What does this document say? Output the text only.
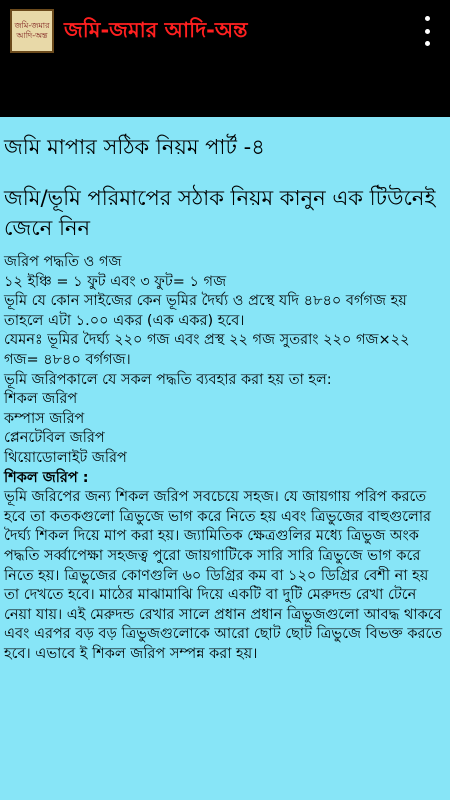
জমি-জমার
আদি-অন্ত জমি-জমার আদি-অন্ত
জমি মাপার সঠিক নিয়ম পার্ট -৪
জমি/ভূমি পরিমাপের সঠাক নিয়ম কানুন এক টিউনেই জেনে নিন

জরিপ পদ্ধতি ও গজ

১২ ইঞ্চি = ১ ফুট এবং ৩ ফুট= ১ গজ

ভূমি যে কোন সাইজের কেন ভূমির দৈর্ঘ্য ও প্রস্থে যদি ৪৮৪০ বর্গগজ হয় তাহলে এটা ১.০০ একর (এক একর) হবে।

যেমনঃ ভূমির দৈর্ঘ্য ২২০ গজ এবং প্রস্থ ২২ গজ সুতরাং ২২০ গজ×২২ গজ= ৪৮৪০ বর্গগজ।

ভূমি জরিপকালে যে সকল পদ্ধতি ব্যবহার করা হয় তা হল:

শিকল জরিপ

কম্পাস জরিপ

প্লেনটেবিল জরিপ

থিয়োডোলাইট জরিপ

শিকল জরিপ :

ভূমি জরিপের জন্য শিকল জরিপ সবচেয়ে সহজ। যে জায়গায় পরিপ করতে হবে তা কতকগুলো ত্রিভুজে ভাগ করে নিতে হয় এবং ত্রিভুজের বাহুগুলোর দৈর্ঘ্য শিকল দিয়ে মাপ করা হয়। জ্যামিতিক ক্ষেত্রগুলির মধ্যে ত্রিভুজ অংক পদ্ধতি সর্ব্বাপেক্ষা সহজত্ব পুরো জায়গাটিকে সারি সারি ত্রিভুজে ভাগ করে নিতে হয়। ত্রিভুজের কোণগুলি ৬০ ডিগ্রির কম বা ১২০ ডিগ্রির বেশী না হয় তা দেখতে হবে। মাঠের মাঝামাঝি দিয়ে একটি বা দুটি মেরুদন্ড রেখা টেনে নেয়া যায়। এই মেরুদন্ড রেখার সালে প্রধান প্রধান ত্রিভুজগুলো আবদ্ধ থাকবে এবং এরপর বড় বড় ত্রিভুজগুলোকে আরো ছোট ছোট ত্রিভুজে বিভক্ত করতে হবে। এভাবে ই শিকল জরিপ সম্পন্ন করা হয়।
